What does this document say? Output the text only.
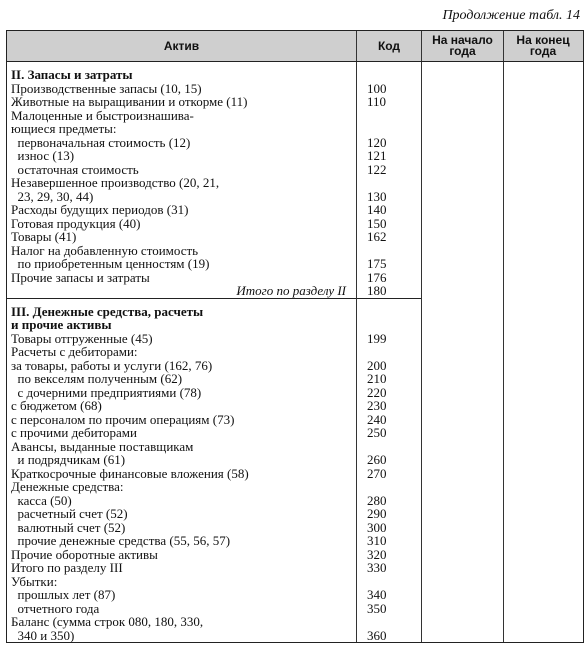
Продолжение табл. 14
Актив	Код	На начало года
На конец года
II. Запасы и затраты
Производственные запасы (10, 15)
Животные на выращивании и откорме (11)
Малоценные и быстроизнашива-
ющиеся предметы:
первоначальная стоимость (12)
износ (13)
остаточная стоимость
Незавершенное производство (20, 21,
23, 29, 30, 44)
Расходы будущих периодов (31)
Готовая продукция (40)
Товары (41)
Налог на добавленную стоимость
по приобретенным ценностям (19)
Прочие запасы и затраты
Итого по разделу II
III. Денежные средства, расчеты
и прочие активы
Товары отгруженные (45)
Расчеты с дебиторами:
за товары, работы и услуги (162, 76)
по векселям полученным (62)
с дочерними предприятиями (78)
с бюджетом (68)
с персоналом по прочим операциям (73)
с прочими дебиторами
Авансы, выданные поставщикам
и подрядчикам (61)
Краткосрочные финансовые вложения (58)
Денежные средства:
касса (50)
расчетный счет (52)
валютный счет (52)
прочие денежные средства (55, 56, 57)
Прочие оборотные активы
Итого по разделу III
Убытки:
прошлых лет (87)
отчетного года
Баланс (сумма строк 080, 180, 330,
340 и 350)
100
110
120
121
122
130
140
150
162
175
176
180
199
200
210
220
230
240
250
260
270
280
290
300
310
320
330
340
350
360
